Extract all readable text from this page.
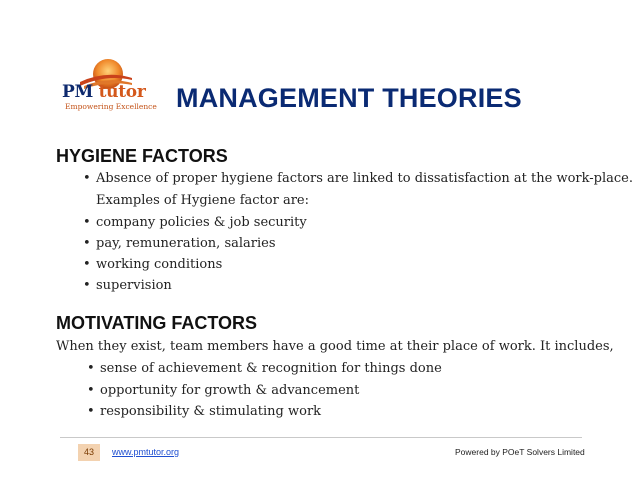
PM tutor
Empowering Excellence MANAGEMENT THEORIES
HYGIENE FACTORS
• Absence of proper hygiene factors are linked to dissatisfaction at the work-place.
Examples of Hygiene factor are:
• company policies & job security
• pay, remuneration, salaries
• working conditions
• supervision
MOTIVATING FACTORS
When they exist, team members have a good time at their place of work. It includes,
• sense of achievement & recognition for things done
• opportunity for growth & advancement
• responsibility & stimulating work
43	www.pmtutor.org	Powered by POeT Solvers Limited
